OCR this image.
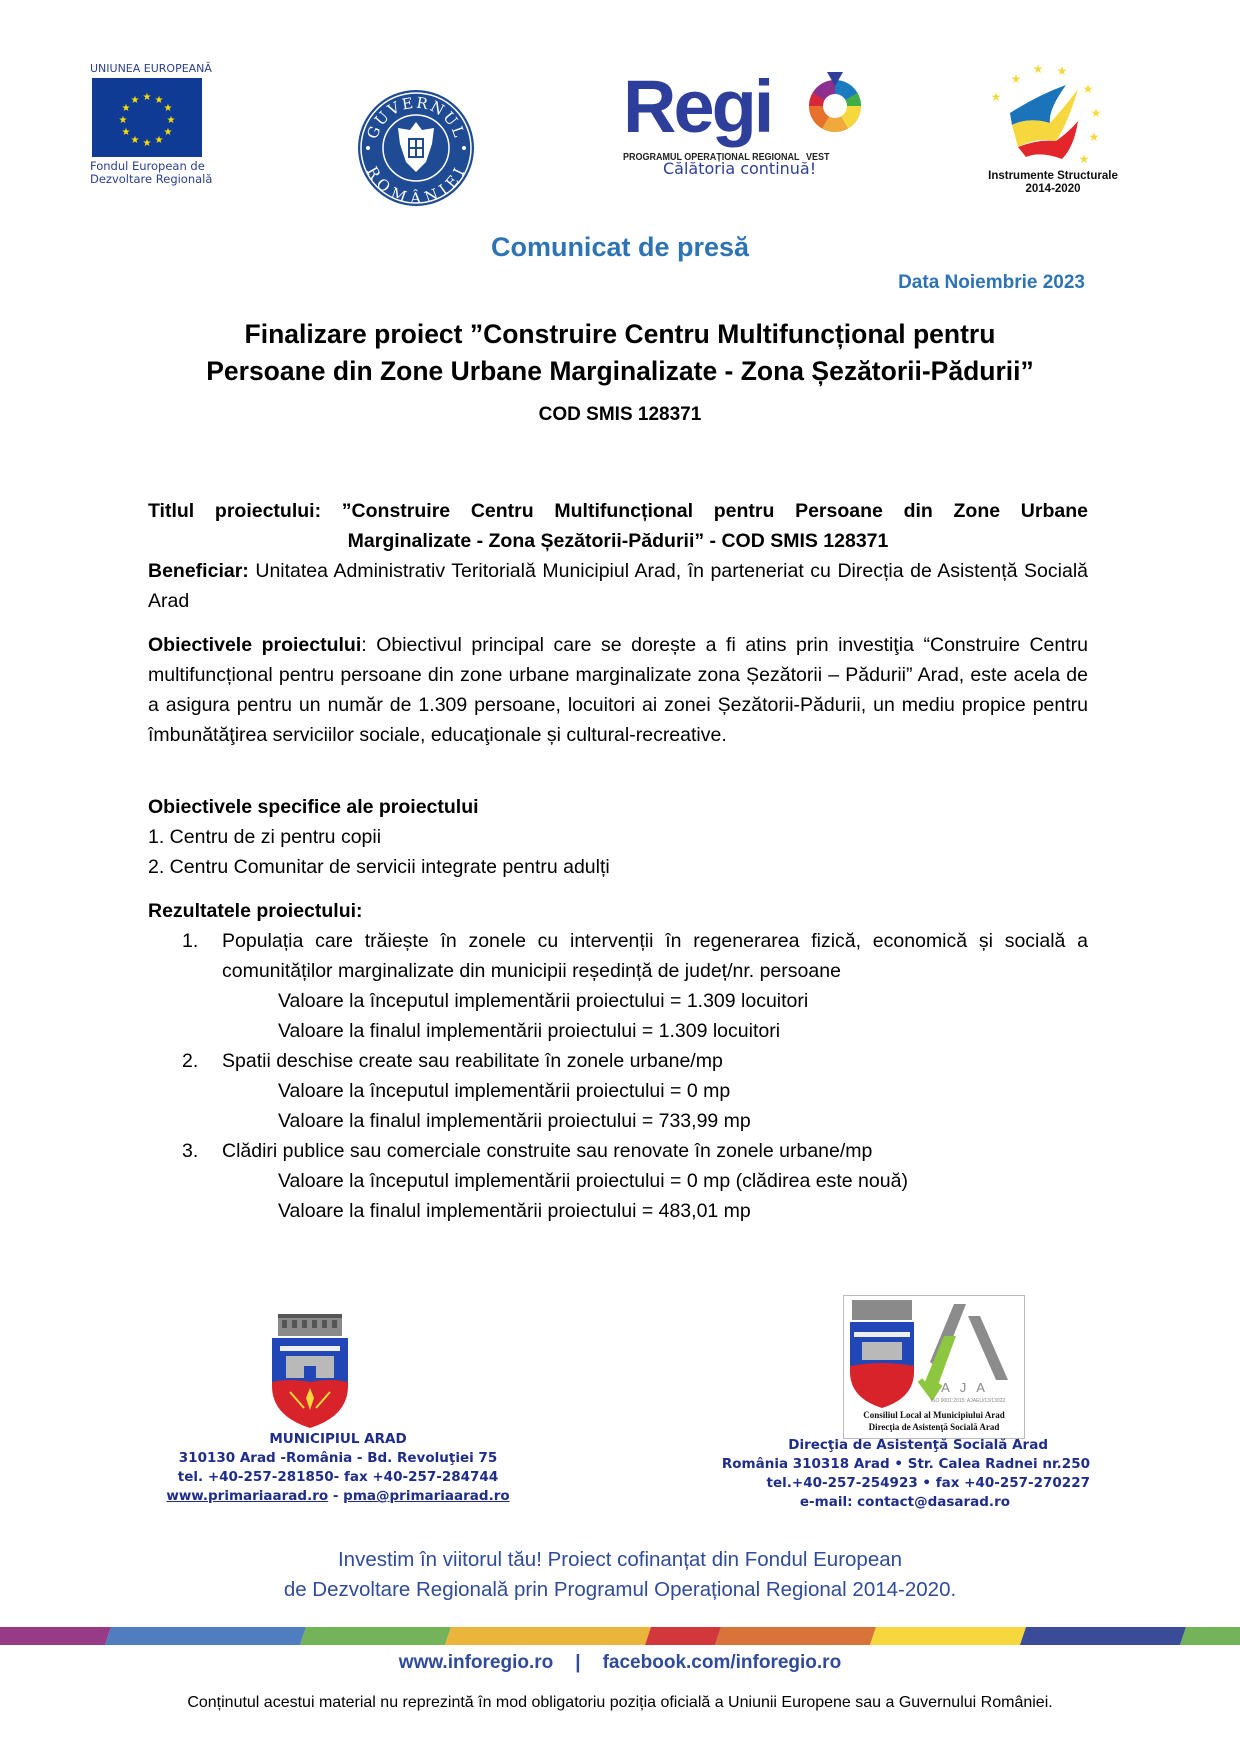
UNIUNEA EUROPEANĂ
★ ★
★
★
★
★
★
★
★
★
★
★
Fondul European de
Dezvoltare Regională
GUVERNUL
ROMÂNIEI
Regi
PROGRAMUL OPERAȚIONAL REGIONAL VEST
Călătoria continuă!
★ ★
★
★
★
★
★
★
Instrumente Structurale
2014-2020
Comunicat de presă
Data Noiembrie 2023
Finalizare proiect ”Construire Centru Multifuncțional pentru
Persoane din Zone Urbane Marginalizate - Zona Șezătorii-Pădurii”
COD SMIS 128371
Titlul proiectului: ”Construire Centru Multifuncțional pentru Persoane din Zone Urbane
Marginalizate - Zona Șezătorii-Pădurii” - COD SMIS 128371
Beneficiar: Unitatea Administrativ Teritorială Municipiul Arad, în parteneriat cu Direcția de Asistență Socială Arad
Obiectivele proiectului: Obiectivul principal care se dorește a fi atins prin investiţia “Construire Centru multifuncțional pentru persoane din zone urbane marginalizate zona Șezătorii – Pădurii” Arad, este acela de a asigura pentru un număr de 1.309 persoane, locuitori ai zonei Șezătorii-Pădurii, un mediu propice pentru îmbunătăţirea serviciilor sociale, educaţionale și cultural-recreative.
Obiectivele specifice ale proiectului
1. Centru de zi pentru copii
2. Centru Comunitar de servicii integrate pentru adulți
Rezultatele proiectului:
1. Populația care trăiește în zonele cu intervenții în regenerarea fizică, economică și socială a comunităților marginalizate din municipii reședință de județ/nr. persoane
Valoare la începutul implementării proiectului = 1.309 locuitori
Valoare la finalul implementării proiectului = 1.309 locuitori
2. Spatii deschise create sau reabilitate în zonele urbane/mp
Valoare la începutul implementării proiectului = 0 mp
Valoare la finalul implementării proiectului = 733,99 mp
3. Clădiri publice sau comerciale construite sau renovate în zonele urbane/mp
Valoare la începutul implementării proiectului = 0 mp (clădirea este nouă)
Valoare la finalul implementării proiectului = 483,01 mp
MUNICIPIUL ARAD
310130 Arad -România - Bd. Revoluţiei 75
tel. +40-257-281850- fax +40-257-284744
www.primariaarad.ro - pma@primariaarad.ro
AJA
ISO 9001:2015: AJAEU/13/13022
Consiliul Local al Municipiului Arad
Direcţia de Asistenţă Socială Arad
Direcţia de Asistenţă Socială Arad
România 310318 Arad • Str. Calea Radnei nr.250
tel.+40-257-254923 • fax +40-257-270227
e-mail: contact@dasarad.ro
Investim în viitorul tău! Proiect cofinanțat din Fondul European
de Dezvoltare Regională prin Programul Operațional Regional 2014-2020.
www.inforegio.ro | facebook.com/inforegio.ro
Conținutul acestui material nu reprezintă în mod obligatoriu poziția oficială a Uniunii Europene sau a Guvernului României.
